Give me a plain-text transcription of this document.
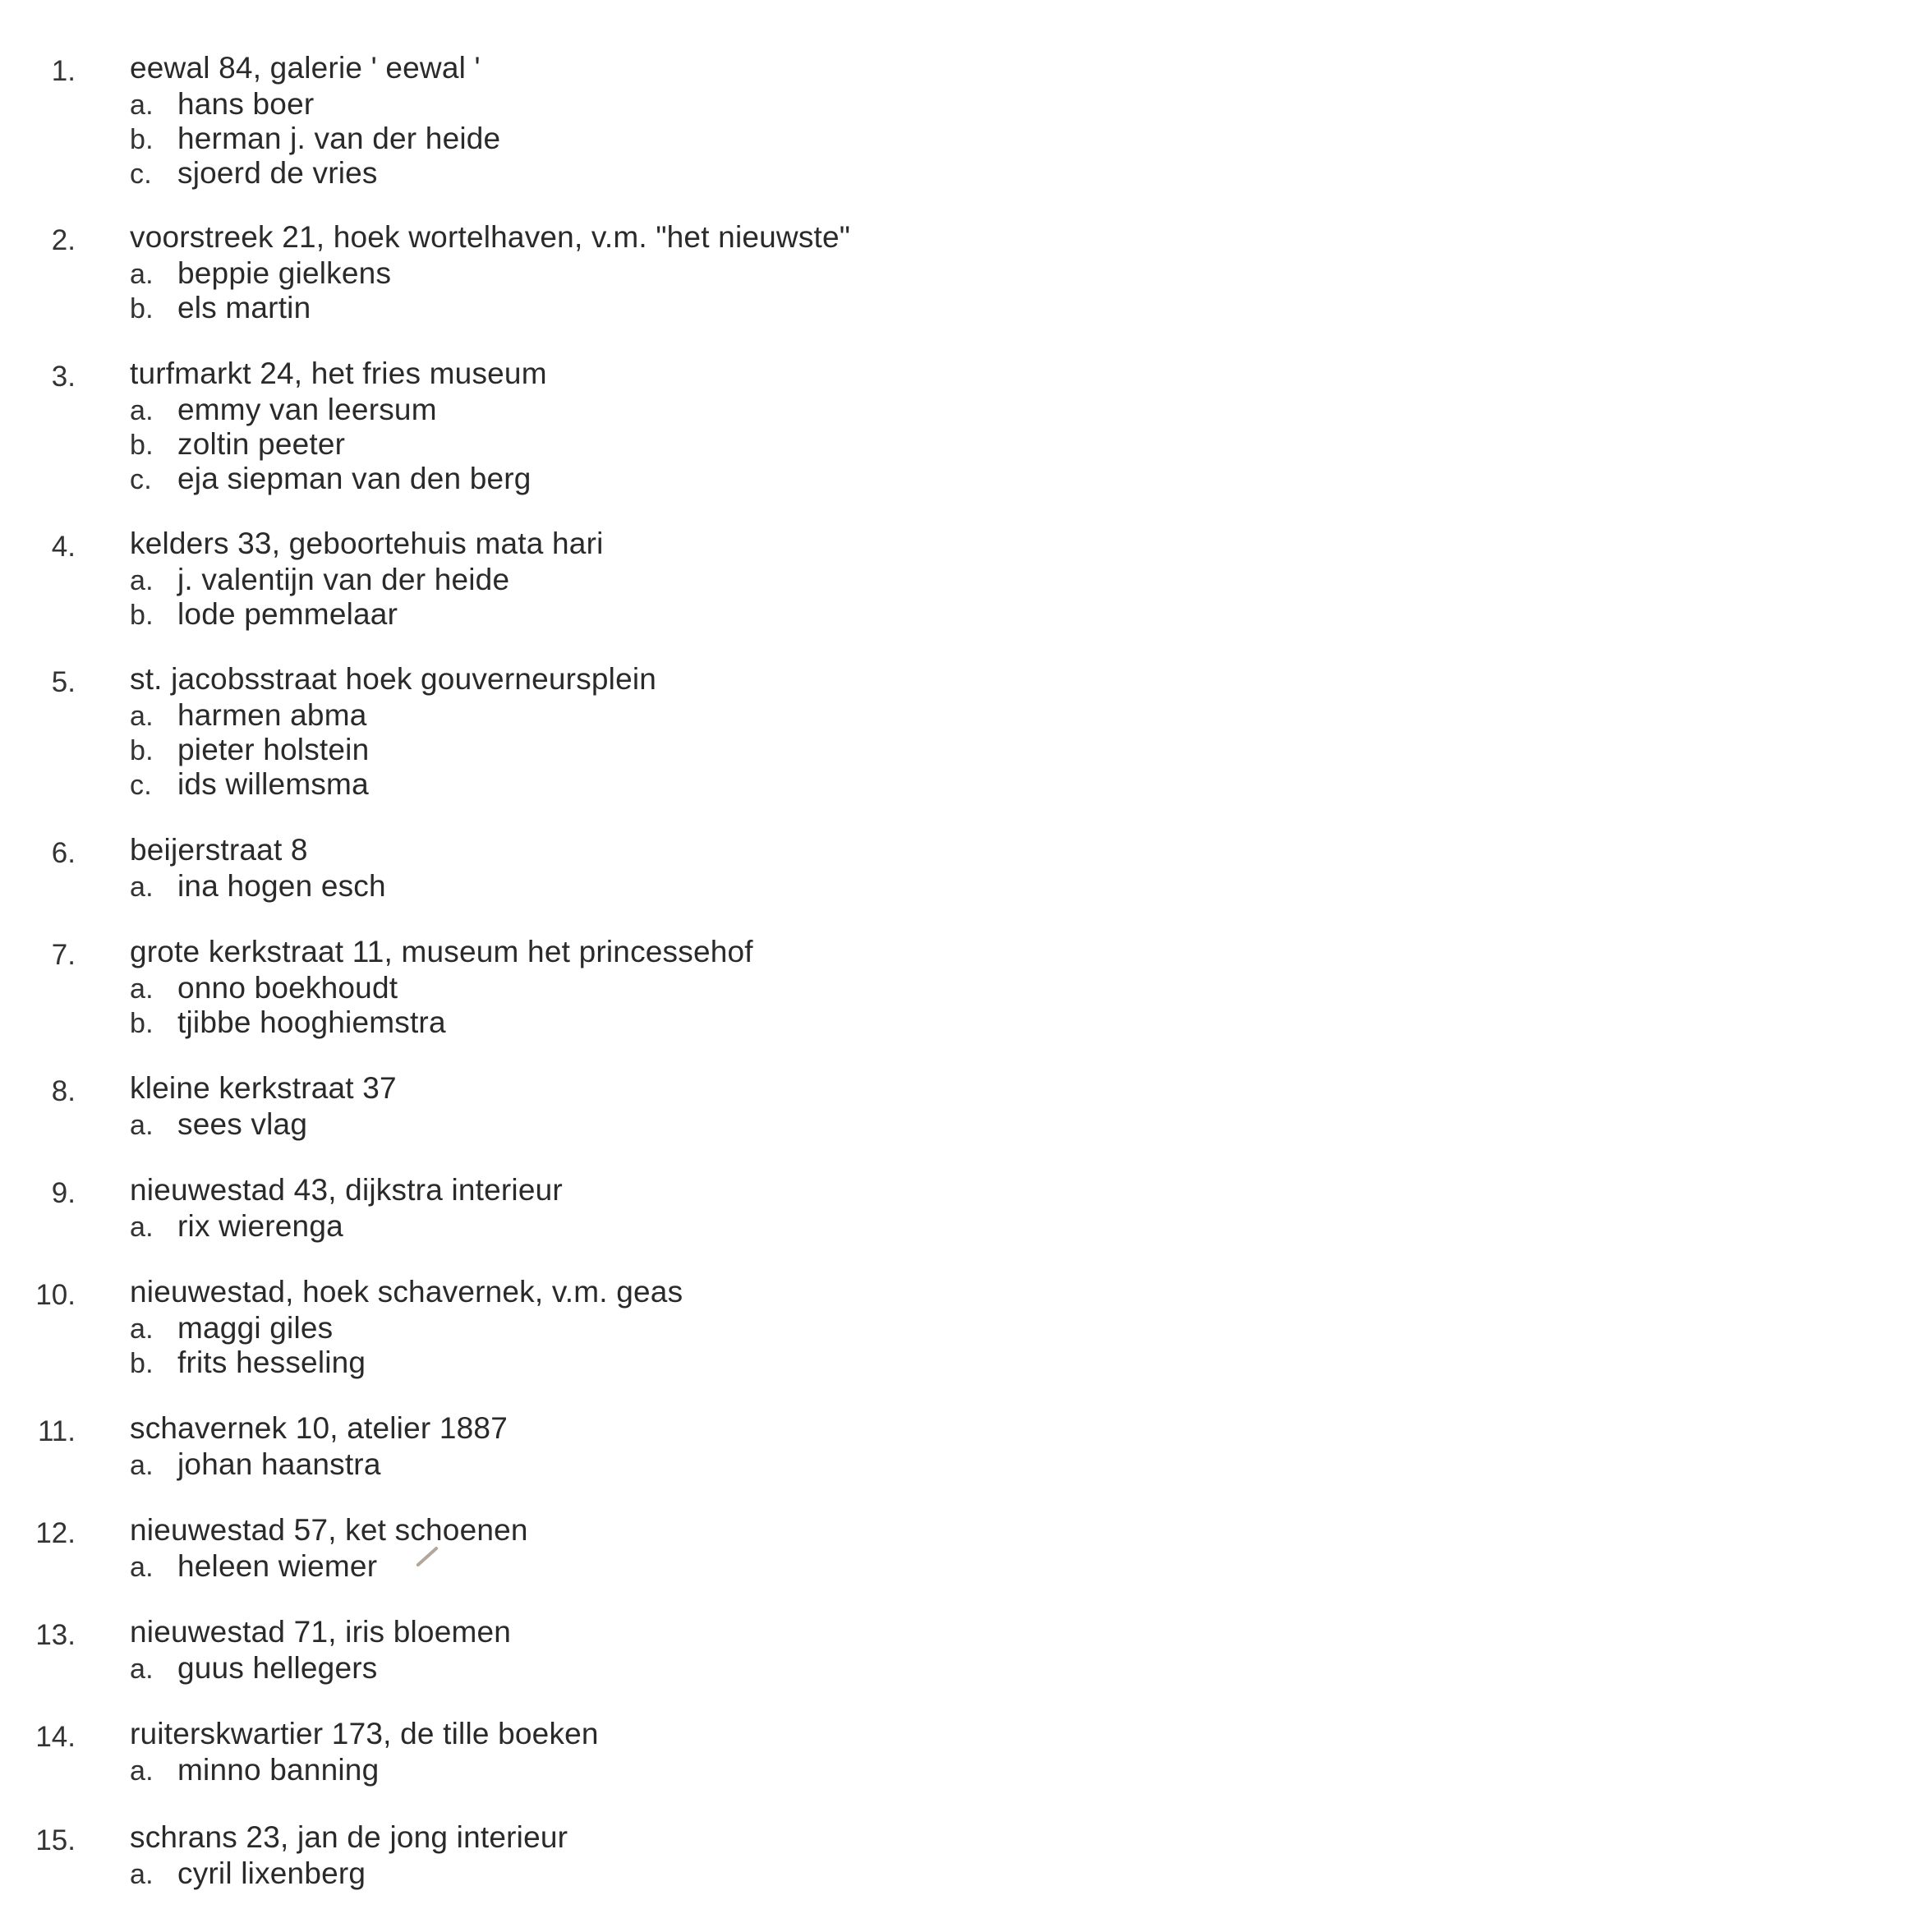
1. eewal 84, galerie ' eewal '
a. hans boer
b. herman j. van der heide
c. sjoerd de vries
2. voorstreek 21, hoek wortelhaven, v.m. "het nieuwste"
a. beppie gielkens
b. els martin
3. turfmarkt 24, het fries museum
a. emmy van leersum
b. zoltin peeter
c. eja siepman van den berg
4. kelders 33, geboortehuis mata hari
a. j. valentijn van der heide
b. lode pemmelaar
5. st. jacobsstraat hoek gouverneursplein
a. harmen abma
b. pieter holstein
c. ids willemsma
6. beijerstraat 8
a. ina hogen esch
7. grote kerkstraat 11, museum het princessehof
a. onno boekhoudt
b. tjibbe hooghiemstra
8. kleine kerkstraat 37
a. sees vlag
9. nieuwestad 43, dijkstra interieur
a. rix wierenga
10. nieuwestad, hoek schavernek, v.m. geas
a. maggi giles
b. frits hesseling
11. schavernek 10, atelier 1887
a. johan haanstra
12. nieuwestad 57, ket schoenen
a. heleen wiemer
13. nieuwestad 71, iris bloemen
a. guus hellegers
14. ruiterskwartier 173, de tille boeken
a. minno banning
15. schrans 23, jan de jong interieur
a. cyril lixenberg
